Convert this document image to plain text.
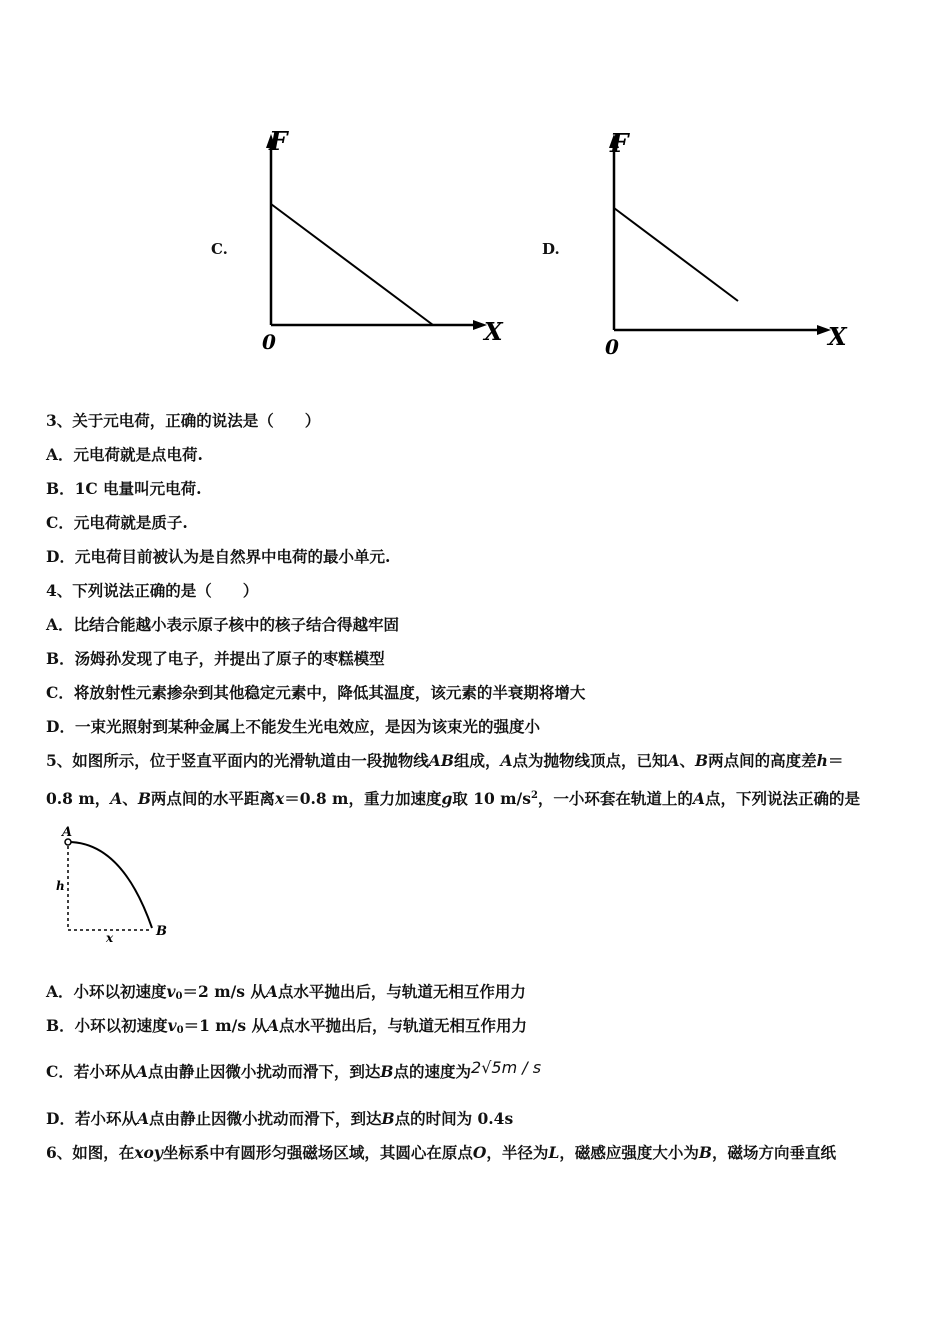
C.
F
X
0
D.
F
X
0
3、关于元电荷，正确的说法是（　　）
A．元电荷就是点电荷.
B．1C 电量叫元电荷.
C．元电荷就是质子.
D．元电荷目前被认为是自然界中电荷的最小单元.
4、下列说法正确的是（　　）
A．比结合能越小表示原子核中的核子结合得越牢固
B．汤姆孙发现了电子，并提出了原子的枣糕模型
C．将放射性元素掺杂到其他稳定元素中，降低其温度，该元素的半衰期将增大
D．一束光照射到某种金属上不能发生光电效应，是因为该束光的强度小
5、如图所示，位于竖直平面内的光滑轨道由一段抛物线AB组成，A点为抛物线顶点，已知A、B两点间的高度差h＝
0.8 m，A、B两点间的水平距离x＝0.8 m，重力加速度g取 10 $m/s^2$，一小环套在轨道上的A点，下列说法正确的是
A
h
x	B
A．小环以初速度$v_0=2$ m/s 从A点水平抛出后，与轨道无相互作用力
B．小环以初速度$v_0=1$ m/s 从A点水平抛出后，与轨道无相互作用力
C．若小环从A点由静止因微小扰动而滑下，到达B点的速度为2√5m / s
D．若小环从A点由静止因微小扰动而滑下，到达B点的时间为 0.4s
6、如图，在xoy坐标系中有圆形匀强磁场区域，其圆心在原点O，半径为L，磁感应强度大小为B，磁场方向垂直纸
